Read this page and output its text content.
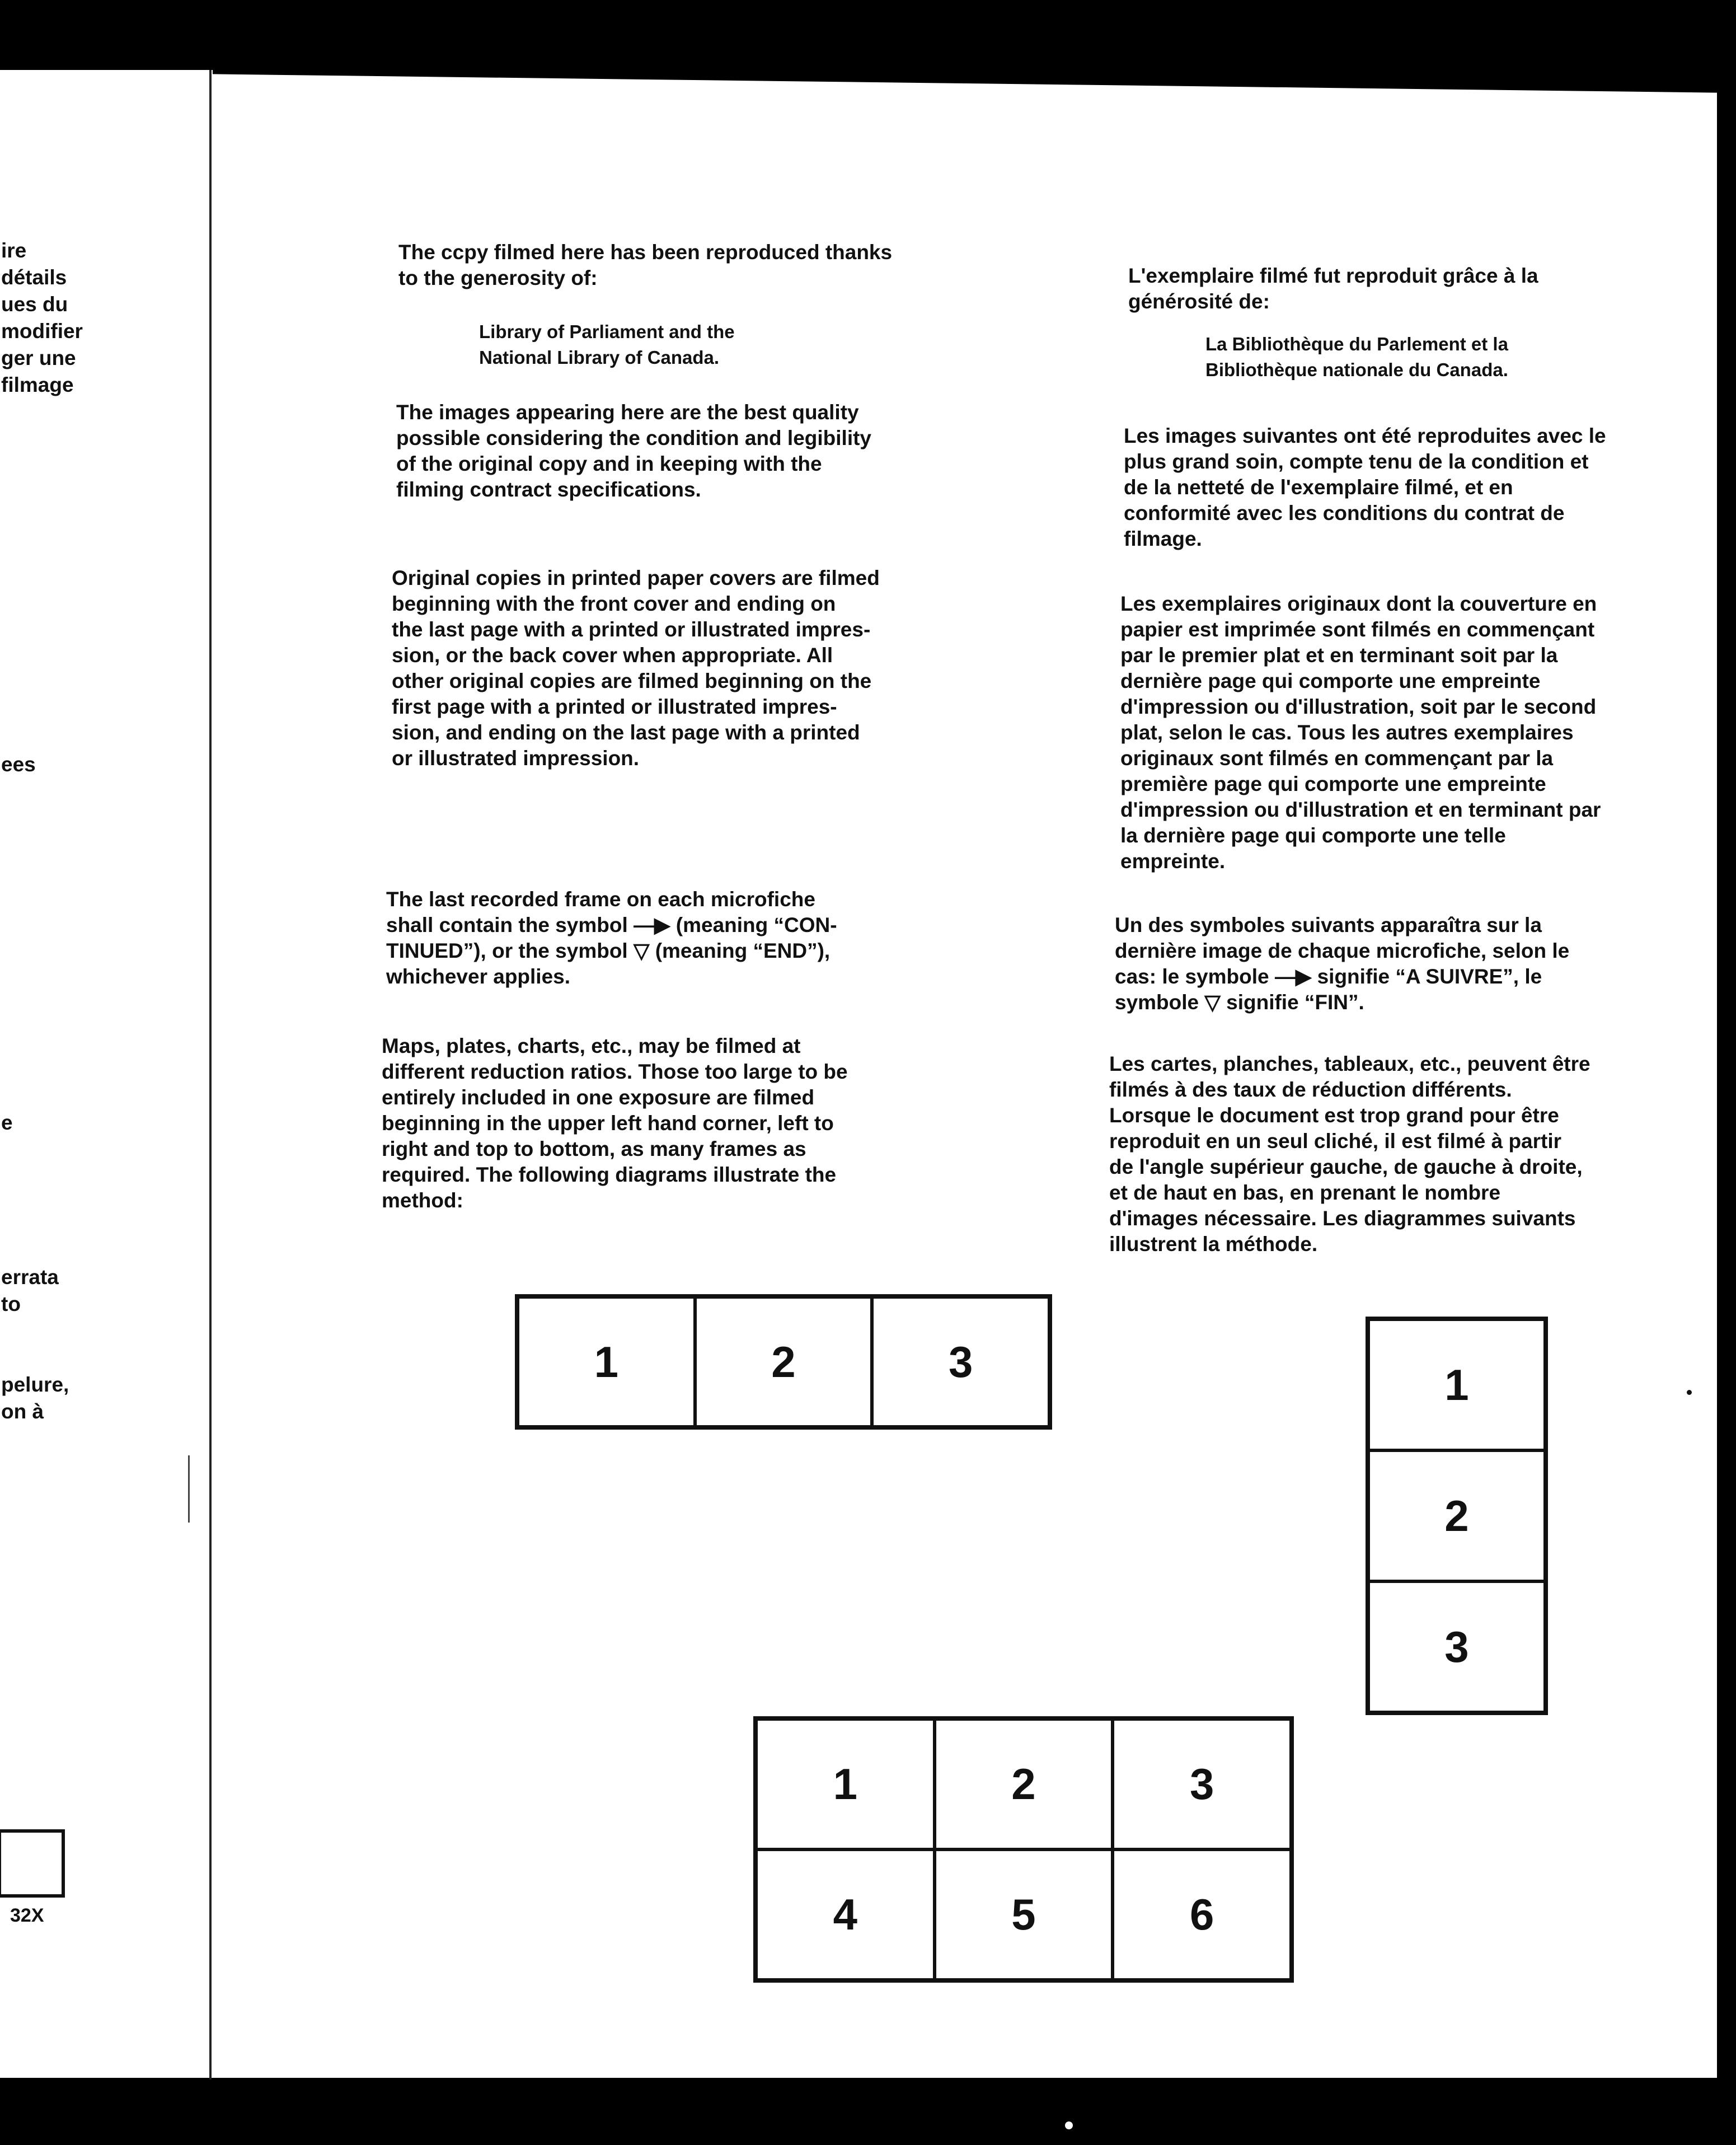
ire
détails
ues du
modifier
ger une
filmage
ees
e
errata
to
pelure,
on à
32X
The ccpy filmed here has been reproduced thanks
to the generosity of:
Library of Parliament and the
National Library of Canada.
The images appearing here are the best quality
possible considering the condition and legibility
of the original copy and in keeping with the
filming contract specifications.
Original copies in printed paper covers are filmed
beginning with the front cover and ending on
the last page with a printed or illustrated impres-
sion, or the back cover when appropriate. All
other original copies are filmed beginning on the
first page with a printed or illustrated impres-
sion, and ending on the last page with a printed
or illustrated impression.
The last recorded frame on each microfiche
shall contain the symbol —▶ (meaning “CON-
TINUED”), or the symbol ▽ (meaning “END”),
whichever applies.
Maps, plates, charts, etc., may be filmed at
different reduction ratios. Those too large to be
entirely included in one exposure are filmed
beginning in the upper left hand corner, left to
right and top to bottom, as many frames as
required. The following diagrams illustrate the
method:
L'exemplaire filmé fut reproduit grâce à la
générosité de:
La Bibliothèque du Parlement et la
Bibliothèque nationale du Canada.
Les images suivantes ont été reproduites avec le
plus grand soin, compte tenu de la condition et
de la netteté de l'exemplaire filmé, et en
conformité avec les conditions du contrat de
filmage.
Les exemplaires originaux dont la couverture en
papier est imprimée sont filmés en commençant
par le premier plat et en terminant soit par la
dernière page qui comporte une empreinte
d'impression ou d'illustration, soit par le second
plat, selon le cas. Tous les autres exemplaires
originaux sont filmés en commençant par la
première page qui comporte une empreinte
d'impression ou d'illustration et en terminant par
la dernière page qui comporte une telle
empreinte.
Un des symboles suivants apparaîtra sur la
dernière image de chaque microfiche, selon le
cas: le symbole —▶ signifie “A SUIVRE”, le
symbole ▽ signifie “FIN”.
Les cartes, planches, tableaux, etc., peuvent être
filmés à des taux de réduction différents.
Lorsque le document est trop grand pour être
reproduit en un seul cliché, il est filmé à partir
de l'angle supérieur gauche, de gauche à droite,
et de haut en bas, en prenant le nombre
d'images nécessaire. Les diagrammes suivants
illustrent la méthode.
1	2	3	1
2
3
1	2	3
4	5	6
